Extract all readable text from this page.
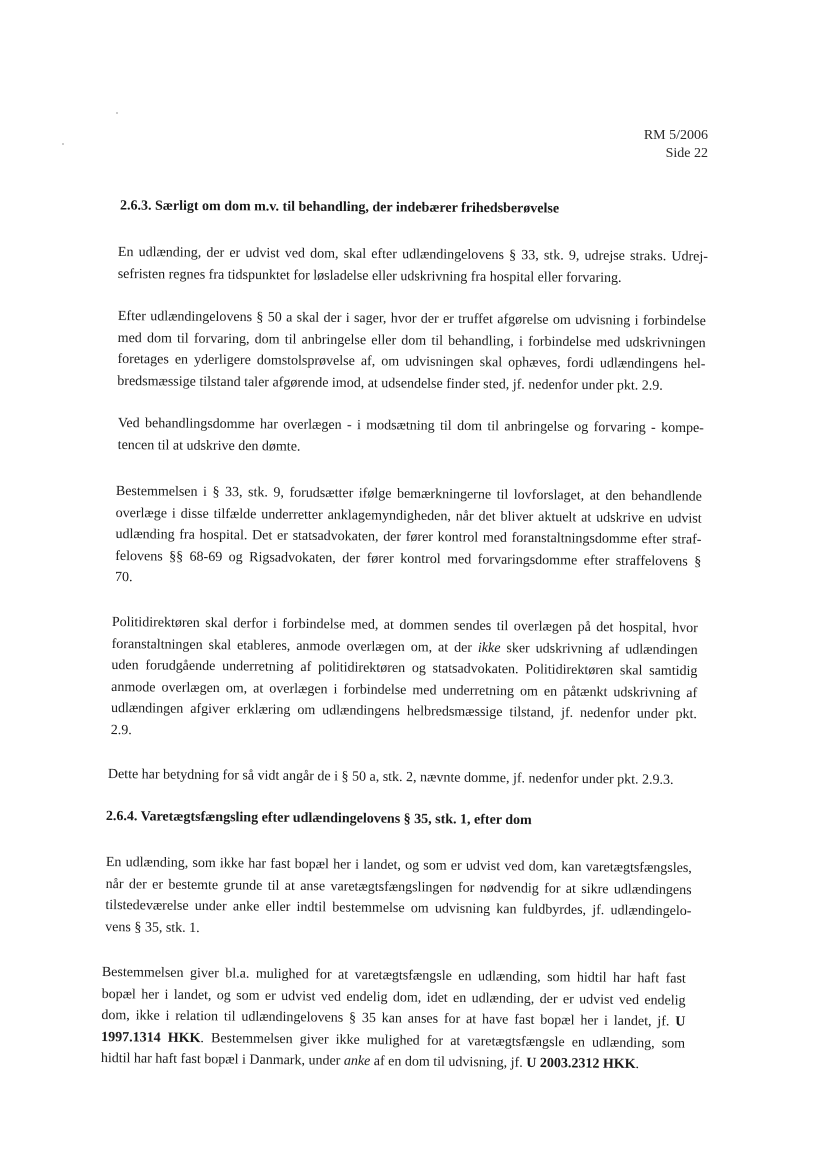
RM 5/2006
Side 22
2.6.3. Særligt om dom m.v. til behandling, der indebærer frihedsberøvelse
En udlænding, der er udvist ved dom, skal efter udlændingelovens § 33, stk. 9, udrejse straks. Udrej-
sefristen regnes fra tidspunktet for løsladelse eller udskrivning fra hospital eller forvaring.
Efter udlændingelovens § 50 a skal der i sager, hvor der er truffet afgørelse om udvisning i forbindelse
med dom til forvaring, dom til anbringelse eller dom til behandling, i forbindelse med udskrivningen
foretages en yderligere domstolsprøvelse af, om udvisningen skal ophæves, fordi udlændingens hel-
bredsmæssige tilstand taler afgørende imod, at udsendelse finder sted, jf. nedenfor under pkt. 2.9.
Ved behandlingsdomme har overlægen - i modsætning til dom til anbringelse og forvaring - kompe-
tencen til at udskrive den dømte.
Bestemmelsen i § 33, stk. 9, forudsætter ifølge bemærkningerne til lovforslaget, at den behandlende
overlæge i disse tilfælde underretter anklagemyndigheden, når det bliver aktuelt at udskrive en udvist
udlænding fra hospital. Det er statsadvokaten, der fører kontrol med foranstaltningsdomme efter straf-
felovens §§ 68-69 og Rigsadvokaten, der fører kontrol med forvaringsdomme efter straffelovens §
70.
Politidirektøren skal derfor i forbindelse med, at dommen sendes til overlægen på det hospital, hvor
foranstaltningen skal etableres, anmode overlægen om, at der ikke sker udskrivning af udlændingen
uden forudgående underretning af politidirektøren og statsadvokaten. Politidirektøren skal samtidig
anmode overlægen om, at overlægen i forbindelse med underretning om en påtænkt udskrivning af
udlændingen afgiver erklæring om udlændingens helbredsmæssige tilstand, jf. nedenfor under pkt.
2.9.
Dette har betydning for så vidt angår de i § 50 a, stk. 2, nævnte domme, jf. nedenfor under pkt. 2.9.3.
2.6.4. Varetægtsfængsling efter udlændingelovens § 35, stk. 1, efter dom
En udlænding, som ikke har fast bopæl her i landet, og som er udvist ved dom, kan varetægtsfængsles,
når der er bestemte grunde til at anse varetægtsfængslingen for nødvendig for at sikre udlændingens
tilstedeværelse under anke eller indtil bestemmelse om udvisning kan fuldbyrdes, jf. udlændingelo-
vens § 35, stk. 1.
Bestemmelsen giver bl.a. mulighed for at varetægtsfængsle en udlænding, som hidtil har haft fast
bopæl her i landet, og som er udvist ved endelig dom, idet en udlænding, der er udvist ved endelig
dom, ikke i relation til udlændingelovens § 35 kan anses for at have fast bopæl her i landet, jf. U
1997.1314 HKK. Bestemmelsen giver ikke mulighed for at varetægtsfængsle en udlænding, som
hidtil har haft fast bopæl i Danmark, under anke af en dom til udvisning, jf. U 2003.2312 HKK.
